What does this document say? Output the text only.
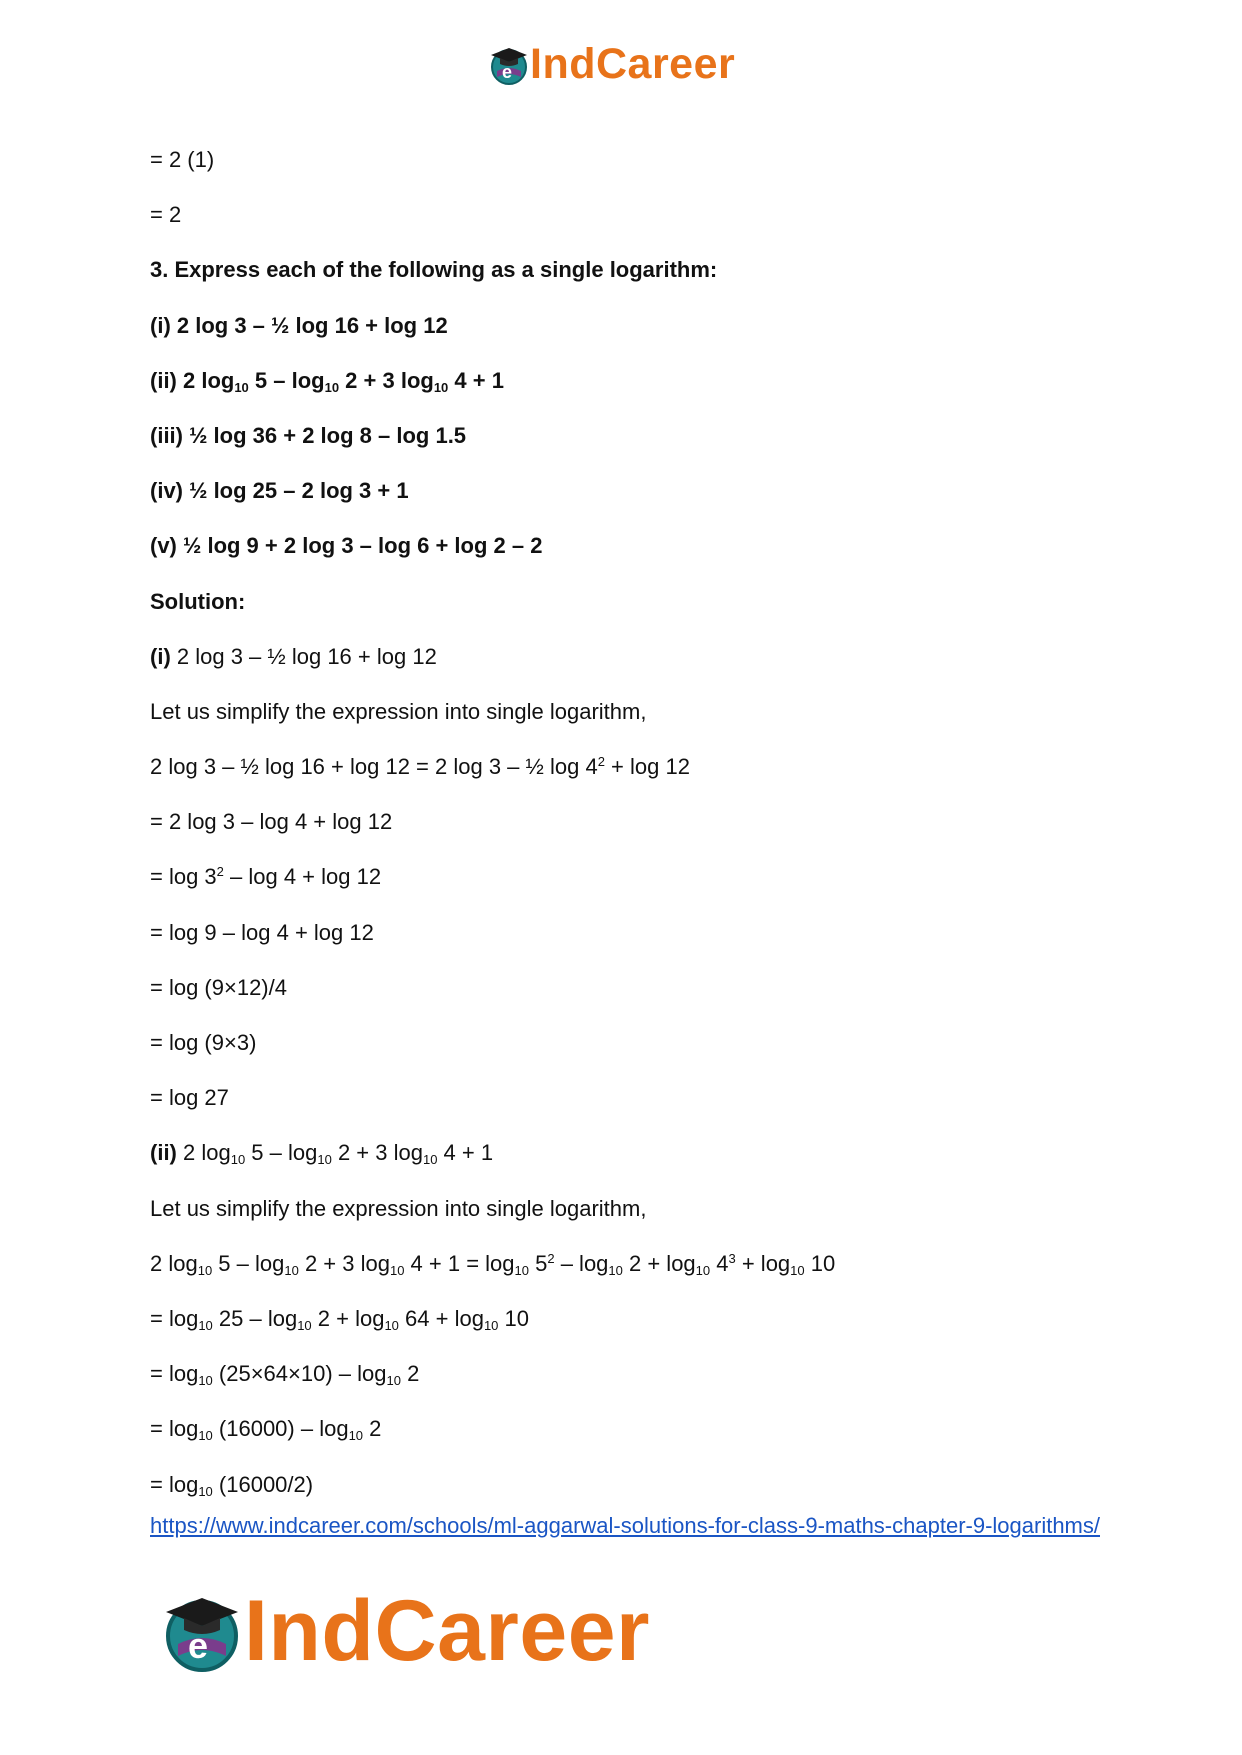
e IndCareer
= 2 (1)
= 2
3. Express each of the following as a single logarithm:
(i) 2 log 3 – ½ log 16 + log 12
(ii) 2 $\log_{10} 5 - \log_{10} 2 + 3$ $\log_{10} 4 + 1$
(iii) ½ log 36 + 2 log 8 – log 1.5
(iv) ½ log 25 – 2 log 3 + 1
(v) ½ log 9 + 2 log 3 – log 6 + log 2 – 2
Solution:
(i) 2 log 3 – ½ log 16 + log 12
Let us simplify the expression into single logarithm,
2 log 3 – ½ log 16 + log 12 = 2 log 3 – ½ $\log 4^2 + \log 12$
= 2 log 3 – log 4 + log 12
= $\log 3^2 - \log 4 + \log 12$
= log 9 – log 4 + log 12
= log (9×12)/4
= log (9×3)
= log 27
(ii) 2 $\log_{10} 5 - \log_{10} 2 + 3$ $\log_{10} 4 + 1$
Let us simplify the expression into single logarithm,
2 $\log_{10} 5 - \log_{10} 2 + 3$ $\log_{10} 4 + 1 = \log_{10} 5^2 - \log_{10} 2 + \log_{10} 4^3 + \log_{10} 10$
= $\log_{10} 25 - \log_{10} 2 + \log_{10} 64 + \log_{10} 10$
= $\log_{10} (25\times 64\times 10) - \log_{10} 2$
= $\log_{10} (16000) - \log_{10} 2$
= $\log_{10} (16000/2)$
https://www.indcareer.com/schools/ml-aggarwal-solutions-for-class-9-maths-chapter-9-logarithms/
e IndCareer
